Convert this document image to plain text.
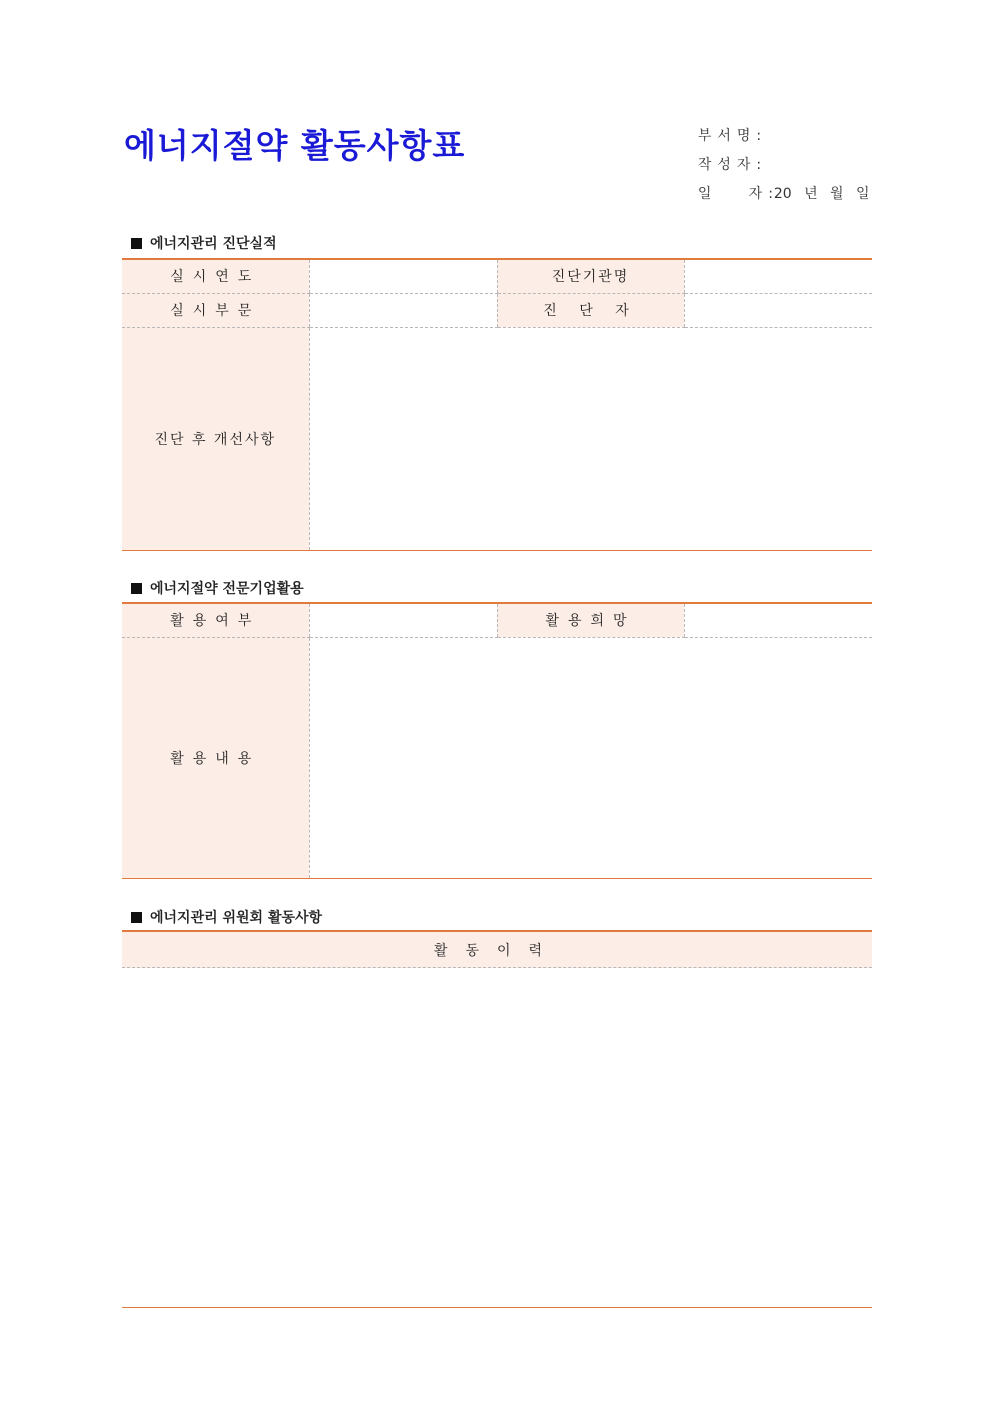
에너지절약 활동사항표	부서명:

작성자:

일   자:20 년 월 일

에너지관리 진단실적
실시연도		진단기관명	
실시부문		진 단 자	
진단 후 개선사항			
에너지절약 전문기업활용
활용여부		활용희망	
활용내용			
에너지관리 위원회 활동사항
활동이력
